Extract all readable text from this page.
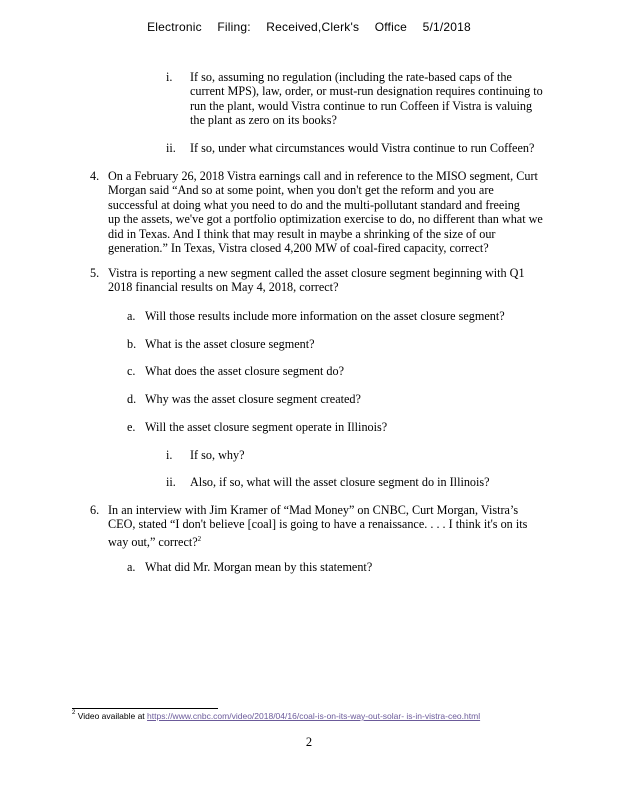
Electronic Filing: Received,Clerk's Office 5/1/2018
i. If so, assuming no regulation (including the rate-based caps of the
current MPS), law, order, or must-run designation requires continuing to
run the plant, would Vistra continue to run Coffeen if Vistra is valuing
the plant as zero on its books?
ii. If so, under what circumstances would Vistra continue to run Coffeen?
4. On a February 26, 2018 Vistra earnings call and in reference to the MISO segment, Curt
Morgan said “And so at some point, when you don't get the reform and you are
successful at doing what you need to do and the multi-pollutant standard and freeing
up the assets, we've got a portfolio optimization exercise to do, no different than what we
did in Texas. And I think that may result in maybe a shrinking of the size of our
generation.” In Texas, Vistra closed 4,200 MW of coal-fired capacity, correct?
5. Vistra is reporting a new segment called the asset closure segment beginning with Q1
2018 financial results on May 4, 2018, correct?
a. Will those results include more information on the asset closure segment?
b. What is the asset closure segment?
c. What does the asset closure segment do?
d. Why was the asset closure segment created?
e. Will the asset closure segment operate in Illinois?
i. If so, why?
ii. Also, if so, what will the asset closure segment do in Illinois?
6. In an interview with Jim Kramer of “Mad Money” on CNBC, Curt Morgan, Vistra’s
CEO, stated “I don't believe [coal] is going to have a renaissance. . . . I think it's on its
way out,” correct?$^2$
a. What did Mr. Morgan mean by this statement?
$^2$ Video available at https://www.cnbc.com/video/2018/04/16/coal-is-on-its-way-out-solar- is-in-vistra-ceo.html
2
